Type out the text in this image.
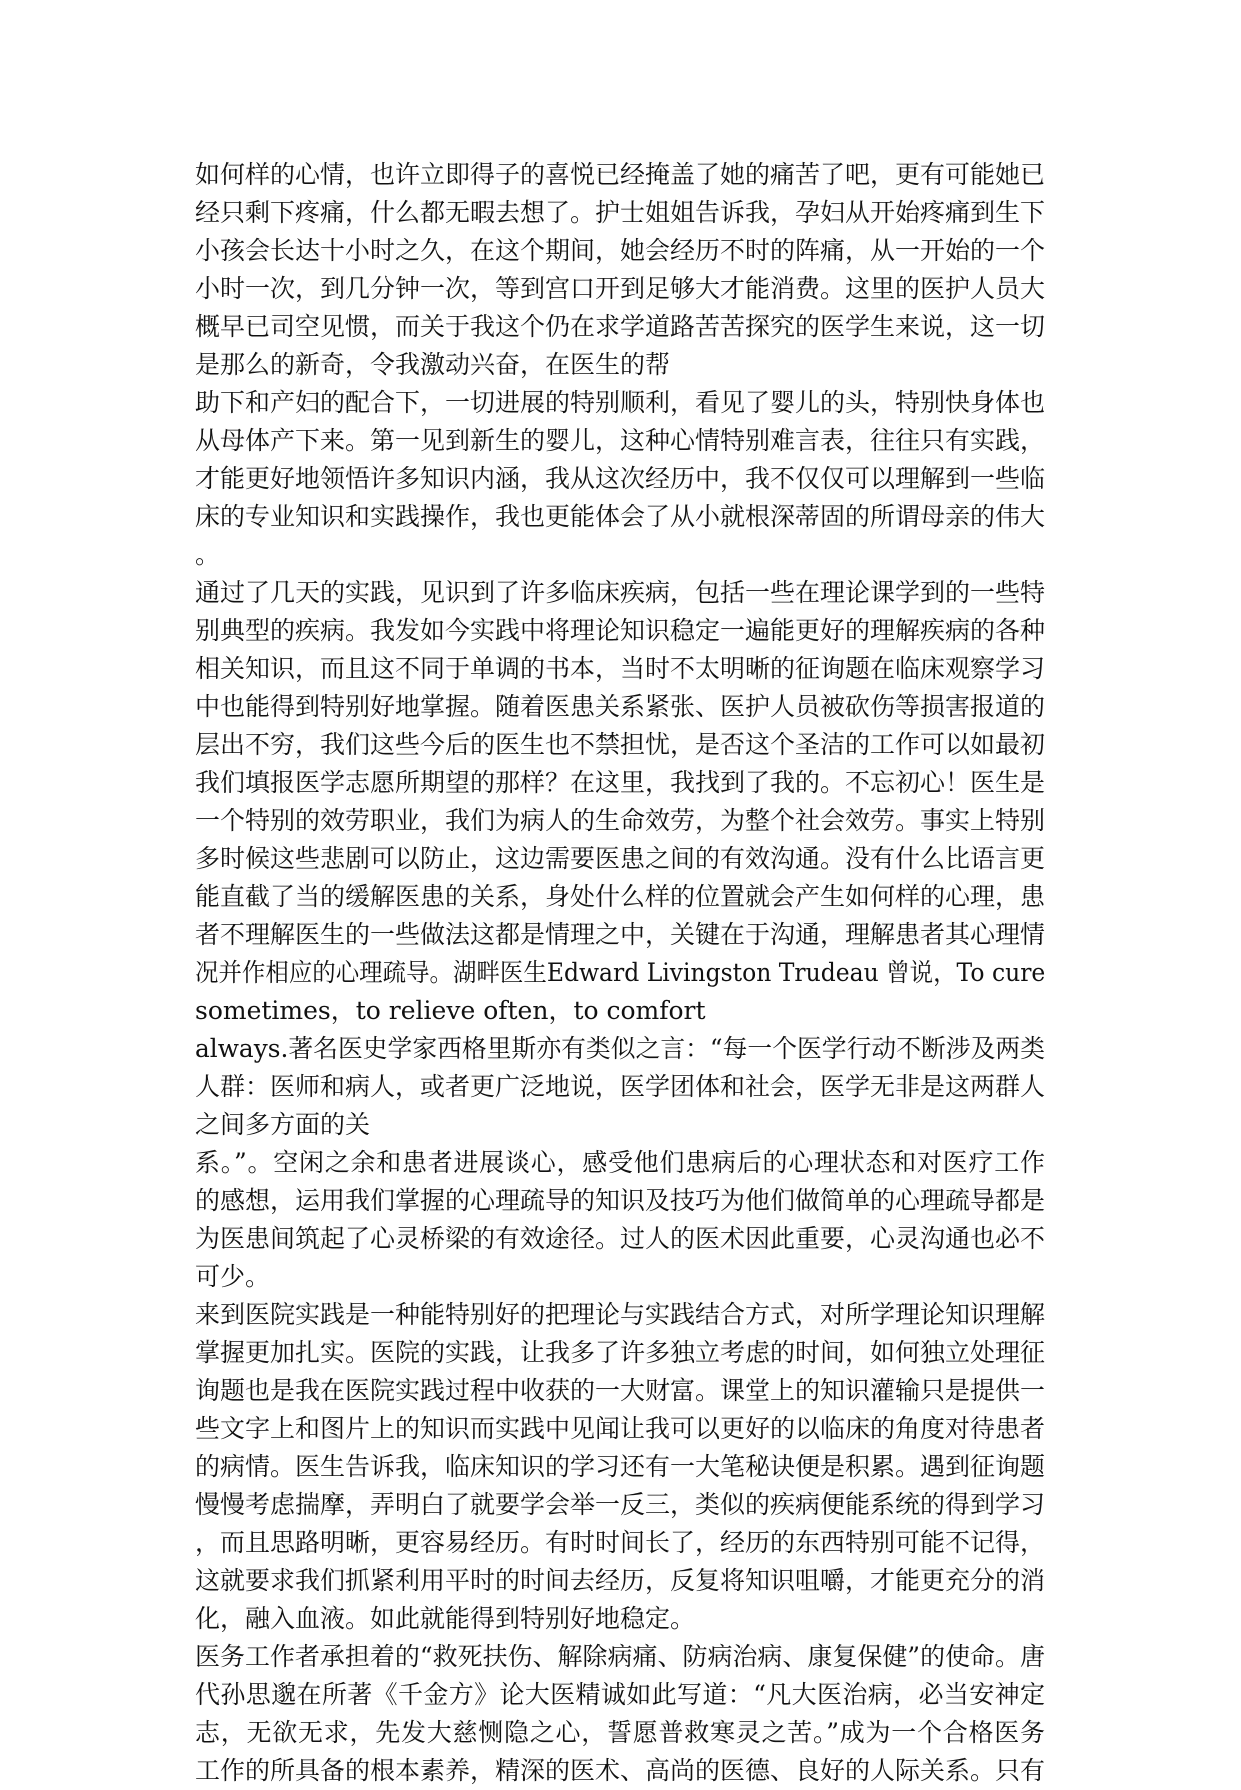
如何样的心情，也许立即得子的喜悦已经掩盖了她的痛苦了吧，更有可能她已
经只剩下疼痛，什么都无暇去想了。护士姐姐告诉我，孕妇从开始疼痛到生下
小孩会长达十小时之久，在这个期间，她会经历不时的阵痛，从一开始的一个
小时一次，到几分钟一次，等到宫口开到足够大才能消费。这里的医护人员大
概早已司空见惯，而关于我这个仍在求学道路苦苦探究的医学生来说，这一切
是那么的新奇，令我激动兴奋，在医生的帮
助下和产妇的配合下，一切进展的特别顺利，看见了婴儿的头，特别快身体也
从母体产下来。第一见到新生的婴儿，这种心情特别难言表，往往只有实践，
才能更好地领悟许多知识内涵，我从这次经历中，我不仅仅可以理解到一些临
床的专业知识和实践操作，我也更能体会了从小就根深蒂固的所谓母亲的伟大
。
通过了几天的实践，见识到了许多临床疾病，包括一些在理论课学到的一些特
别典型的疾病。我发如今实践中将理论知识稳定一遍能更好的理解疾病的各种
相关知识，而且这不同于单调的书本，当时不太明晰的征询题在临床观察学习
中也能得到特别好地掌握。随着医患关系紧张、医护人员被砍伤等损害报道的
层出不穷，我们这些今后的医生也不禁担忧，是否这个圣洁的工作可以如最初
我们填报医学志愿所期望的那样？在这里，我找到了我的。不忘初心！医生是
一个特别的效劳职业，我们为病人的生命效劳，为整个社会效劳。事实上特别
多时候这些悲剧可以防止，这边需要医患之间的有效沟通。没有什么比语言更
能直截了当的缓解医患的关系，身处什么样的位置就会产生如何样的心理，患
者不理解医生的一些做法这都是情理之中，关键在于沟通，理解患者其心理情
况并作相应的心理疏导。湖畔医生Edward Livingston Trudeau 曾说，To cure
sometimes，to relieve often，to comfort
always.著名医史学家西格里斯亦有类似之言：“每一个医学行动不断涉及两类
人群：医师和病人，或者更广泛地说，医学团体和社会，医学无非是这两群人
之间多方面的关
系。”。空闲之余和患者进展谈心，感受他们患病后的心理状态和对医疗工作
的感想，运用我们掌握的心理疏导的知识及技巧为他们做简单的心理疏导都是
为医患间筑起了心灵桥梁的有效途径。过人的医术因此重要，心灵沟通也必不
可少。
来到医院实践是一种能特别好的把理论与实践结合方式，对所学理论知识理解
掌握更加扎实。医院的实践，让我多了许多独立考虑的时间，如何独立处理征
询题也是我在医院实践过程中收获的一大财富。课堂上的知识灌输只是提供一
些文字上和图片上的知识而实践中见闻让我可以更好的以临床的角度对待患者
的病情。医生告诉我，临床知识的学习还有一大笔秘诀便是积累。遇到征询题
慢慢考虑揣摩，弄明白了就要学会举一反三，类似的疾病便能系统的得到学习
，而且思路明晰，更容易经历。有时时间长了，经历的东西特别可能不记得，
这就要求我们抓紧利用平时的时间去经历，反复将知识咀嚼，才能更充分的消
化，融入血液。如此就能得到特别好地稳定。
医务工作者承担着的“救死扶伤、解除病痛、防病治病、康复保健”的使命。唐
代孙思邈在所著《千金方》论大医精诚如此写道：“凡大医治病，必当安神定
志，无欲无求，先发大慈恻隐之心，誓愿普救寒灵之苦。”成为一个合格医务
工作的所具备的根本素养，精深的医术、高尚的医德、良好的人际关系。只有
